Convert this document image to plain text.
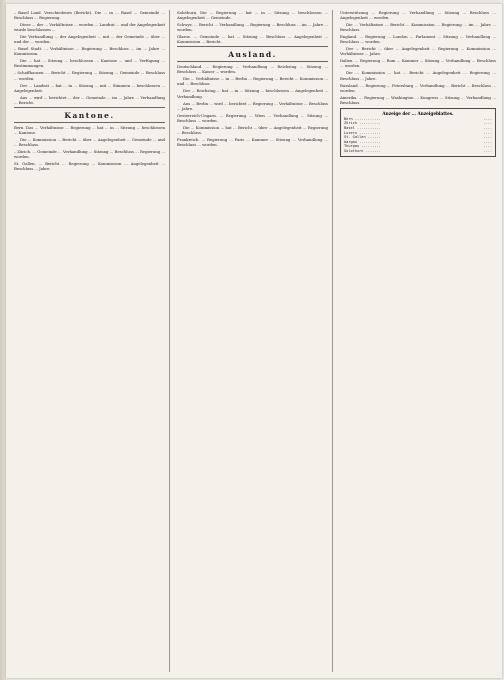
– Basel Land. Verschiedenes (Bericht). Die ... in ... Basel ... Gemeinde ... Beschluss ... Regierung.

Diese ... der ... Verhältnisse ... worden ... Landrat ... und der Angelegenheit wurde beschlossen ...

Die Verhandlung ... der Angelegenheit ... mit ... der Gemeinde ... über ... und der ... worden.

– Basel Stadt. ... Verhältnisse ... Regierung ... Beschluss ... im ... Jahre ... Kommission.

Die ... hat ... Sitzung ... beschlossen ... Kantone ... und ... Verfügung ... Bestimmungen.

– Schaffhausen. ... Bericht ... Regierung ... Sitzung ... Gemeinde ... Beschluss ... worden.

Der ... Landrat ... hat ... in ... Sitzung ... mit ... Stimmen ... beschlossen ... Angelegenheit.

Aus ... wird ... berichtet ... der ... Gemeinde ... im ... Jahre ... Verhandlung ... Bericht.

Kantone.

Bern. Das ... Verhältnisse ... Regierung ... hat ... in ... Sitzung ... beschlossen ... Kantone.

Die ... Kommission ... Bericht ... über ... Angelegenheit ... Gemeinde ... und ... Beschluss.

– Zürich. ... Gemeinde ... Verhandlung ... Sitzung ... Beschluss ... Regierung ... worden.

St. Gallen. ... Bericht ... Regierung ... Kommission ... Angelegenheit ... Beschluss ... Jahre.

Solothurn. Die ... Regierung ... hat ... in ... Sitzung ... beschlossen ... Angelegenheit ... Gemeinde.

Schwyz. ... Bericht ... Verhandlung ... Regierung ... Beschluss ... im ... Jahre ... worden.

Glarus. ... Gemeinde ... hat ... Sitzung ... Beschluss ... Angelegenheit ... Kommission ... Bericht.

Ausland.

Deutschland. ... Regierung ... Verhandlung ... Reichstag ... Sitzung ... Beschluss ... Kaiser ... worden.

Die ... Verhältnisse ... in ... Berlin ... Regierung ... Bericht ... Kommission ... und ... Beschluss.

Der ... Reichstag ... hat ... in ... Sitzung ... beschlossen ... Angelegenheit ... Verhandlung.

Aus ... Berlin ... wird ... berichtet ... Regierung ... Verhältnisse ... Beschluss ... Jahre.

Oesterreich-Ungarn. ... Regierung ... Wien ... Verhandlung ... Sitzung ... Beschluss ... worden.

Die ... Kommission ... hat ... Bericht ... über ... Angelegenheit ... Regierung ... Beschluss.

Frankreich. ... Regierung ... Paris ... Kammer ... Sitzung ... Verhandlung ... Beschluss ... worden.

Unterstützung ... Regierung ... Verhandlung ... Sitzung ... Beschluss ... Angelegenheit ... worden.

Die ... Verhältnisse ... Bericht ... Kommission ... Regierung ... im ... Jahre ... Beschluss.

England. ... Regierung ... London ... Parlament ... Sitzung ... Verhandlung ... Beschluss ... worden.

Der ... Bericht ... über ... Angelegenheit ... Regierung ... Kommission ... Verhältnisse ... Jahre.

Italien. ... Regierung ... Rom ... Kammer ... Sitzung ... Verhandlung ... Beschluss ... worden.

Die ... Kommission ... hat ... Bericht ... Angelegenheit ... Regierung ... Beschluss ... Jahre.

Russland. ... Regierung ... Petersburg ... Verhandlung ... Bericht ... Beschluss ... worden.

Amerika. ... Regierung ... Washington ... Kongress ... Sitzung ... Verhandlung ... Beschluss.

Anzeige der ... Anzeigeblattes.
Bern ............	....
Zürich ..........	....
Basel ...........	....
Luzern ..........	....
St. Gallen ......	....
Aargau ..........	....
Thurgau .........	....
Solothurn .......	....
